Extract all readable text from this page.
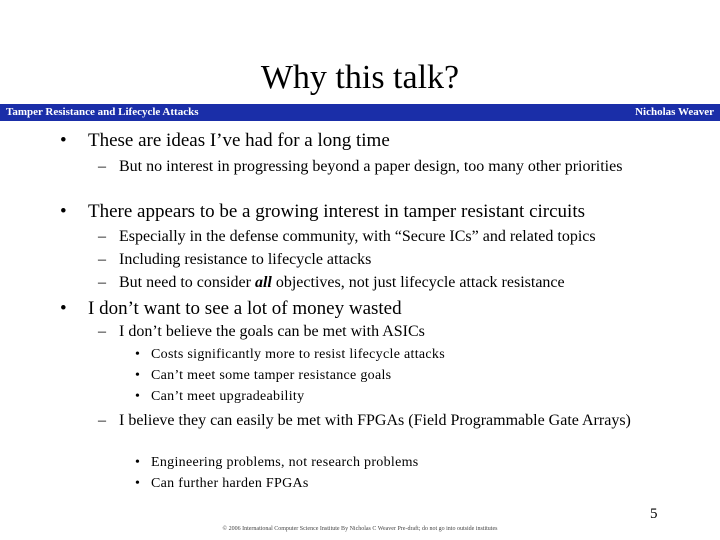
Why this talk?
Tamper Resistance and Lifecycle Attacks	Nicholas Weaver
• These are ideas I’ve had for a long time
– But no interest in progressing beyond a paper design, too many other priorities
• There appears to be a growing interest in tamper resistant circuits
– Especially in the defense community, with “Secure ICs” and related topics
– Including resistance to lifecycle attacks
– But need to consider all objectives, not just lifecycle attack resistance
• I don’t want to see a lot of money wasted
– I don’t believe the goals can be met with ASICs
• Costs significantly more to resist lifecycle attacks
• Can’t meet some tamper resistance goals
• Can’t meet upgradeability
– I believe they can easily be met with FPGAs (Field Programmable Gate Arrays)
• Engineering problems, not research problems
• Can further harden FPGAs
5
© 2006 International Computer Science Institute By Nicholas C Weaver Pre-draft; do not go into outside institutes
